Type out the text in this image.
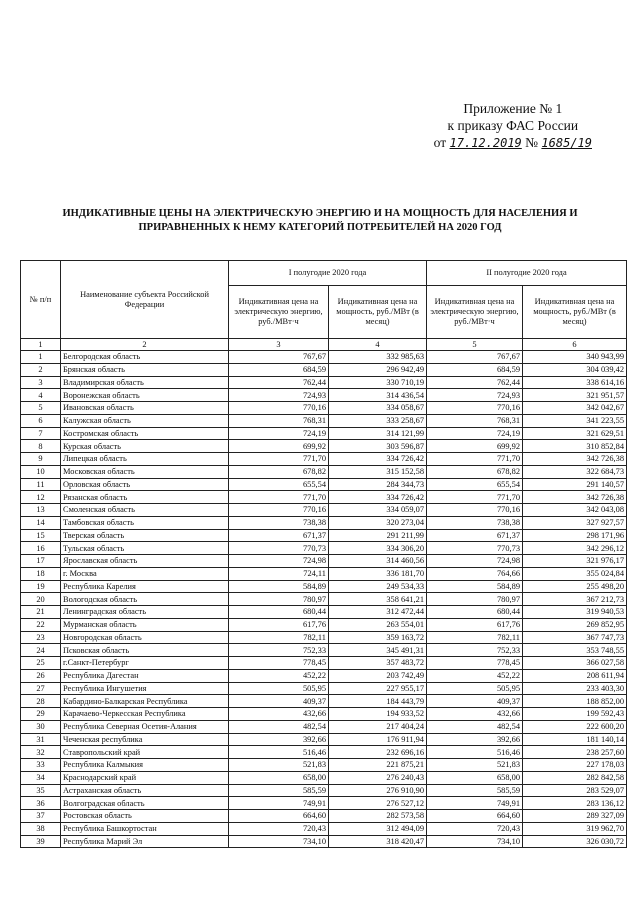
Приложение № 1
к приказу ФАС России
от 17.12.2019 № 1685/19
ИНДИКАТИВНЫЕ ЦЕНЫ НА ЭЛЕКТРИЧЕСКУЮ ЭНЕРГИЮ И НА МОЩНОСТЬ ДЛЯ НАСЕЛЕНИЯ И ПРИРАВНЕННЫХ К НЕМУ КАТЕГОРИЙ ПОТРЕБИТЕЛЕЙ НА 2020 ГОД
№ п/п	Наименование субъекта Российской Федерации	I полугодие 2020 года		II полугодие 2020 года	
		Индикативная цена на электрическую энергию, руб./МВт·ч	Индикативная цена на мощность, руб./МВт (в месяц)	Индикативная цена на электрическую энергию, руб./МВт·ч	Индикативная цена на мощность, руб./МВт (в месяц)
1	2	3	4	5	6
1	Белгородская область	767,67	332 985,63	767,67	340 943,99
2	Брянская область	684,59	296 942,49	684,59	304 039,42
3	Владимирская область	762,44	330 710,19	762,44	338 614,16
4	Воронежская область	724,93	314 436,54	724,93	321 951,57
5	Ивановская область	770,16	334 058,67	770,16	342 042,67
6	Калужская область	768,31	333 258,67	768,31	341 223,55
7	Костромская область	724,19	314 121,99	724,19	321 629,51
8	Курская область	699,92	303 596,87	699,92	310 852,84
9	Липецкая область	771,70	334 726,42	771,70	342 726,38
10	Московская область	678,82	315 152,58	678,82	322 684,73
11	Орловская область	655,54	284 344,73	655,54	291 140,57
12	Рязанская область	771,70	334 726,42	771,70	342 726,38
13	Смоленская область	770,16	334 059,07	770,16	342 043,08
14	Тамбовская область	738,38	320 273,04	738,38	327 927,57
15	Тверская область	671,37	291 211,99	671,37	298 171,96
16	Тульская область	770,73	334 306,20	770,73	342 296,12
17	Ярославская область	724,98	314 460,56	724,98	321 976,17
18	г. Москва	724,11	336 181,70	764,66	355 024,84
19	Республика Карелия	584,89	249 534,33	584,89	255 498,20
20	Вологодская область	780,97	358 641,21	780,97	367 212,73
21	Ленинградская область	680,44	312 472,44	680,44	319 940,53
22	Мурманская область	617,76	263 554,01	617,76	269 852,95
23	Новгородская область	782,11	359 163,72	782,11	367 747,73
24	Псковская область	752,33	345 491,31	752,33	353 748,55
25	г.Санкт-Петербург	778,45	357 483,72	778,45	366 027,58
26	Республика Дагестан	452,22	203 742,49	452,22	208 611,94
27	Республика Ингушетия	505,95	227 955,17	505,95	233 403,30
28	Кабардино-Балкарская Республика	409,37	184 443,79	409,37	188 852,00
29	Карачаево-Черкесская Республика	432,66	194 933,52	432,66	199 592,43
30	Республика Северная Осетия-Алания	482,54	217 404,24	482,54	222 600,20
31	Чеченская республика	392,66	176 911,94	392,66	181 140,14
32	Ставропольский край	516,46	232 696,16	516,46	238 257,60
33	Республика Калмыкия	521,83	221 875,21	521,83	227 178,03
34	Краснодарский край	658,00	276 240,43	658,00	282 842,58
35	Астраханская область	585,59	276 910,90	585,59	283 529,07
36	Волгоградская область	749,91	276 527,12	749,91	283 136,12
37	Ростовская область	664,60	282 573,58	664,60	289 327,09
38	Республика Башкортостан	720,43	312 494,09	720,43	319 962,70
39	Республика Марий Эл	734,10	318 420,47	734,10	326 030,72
